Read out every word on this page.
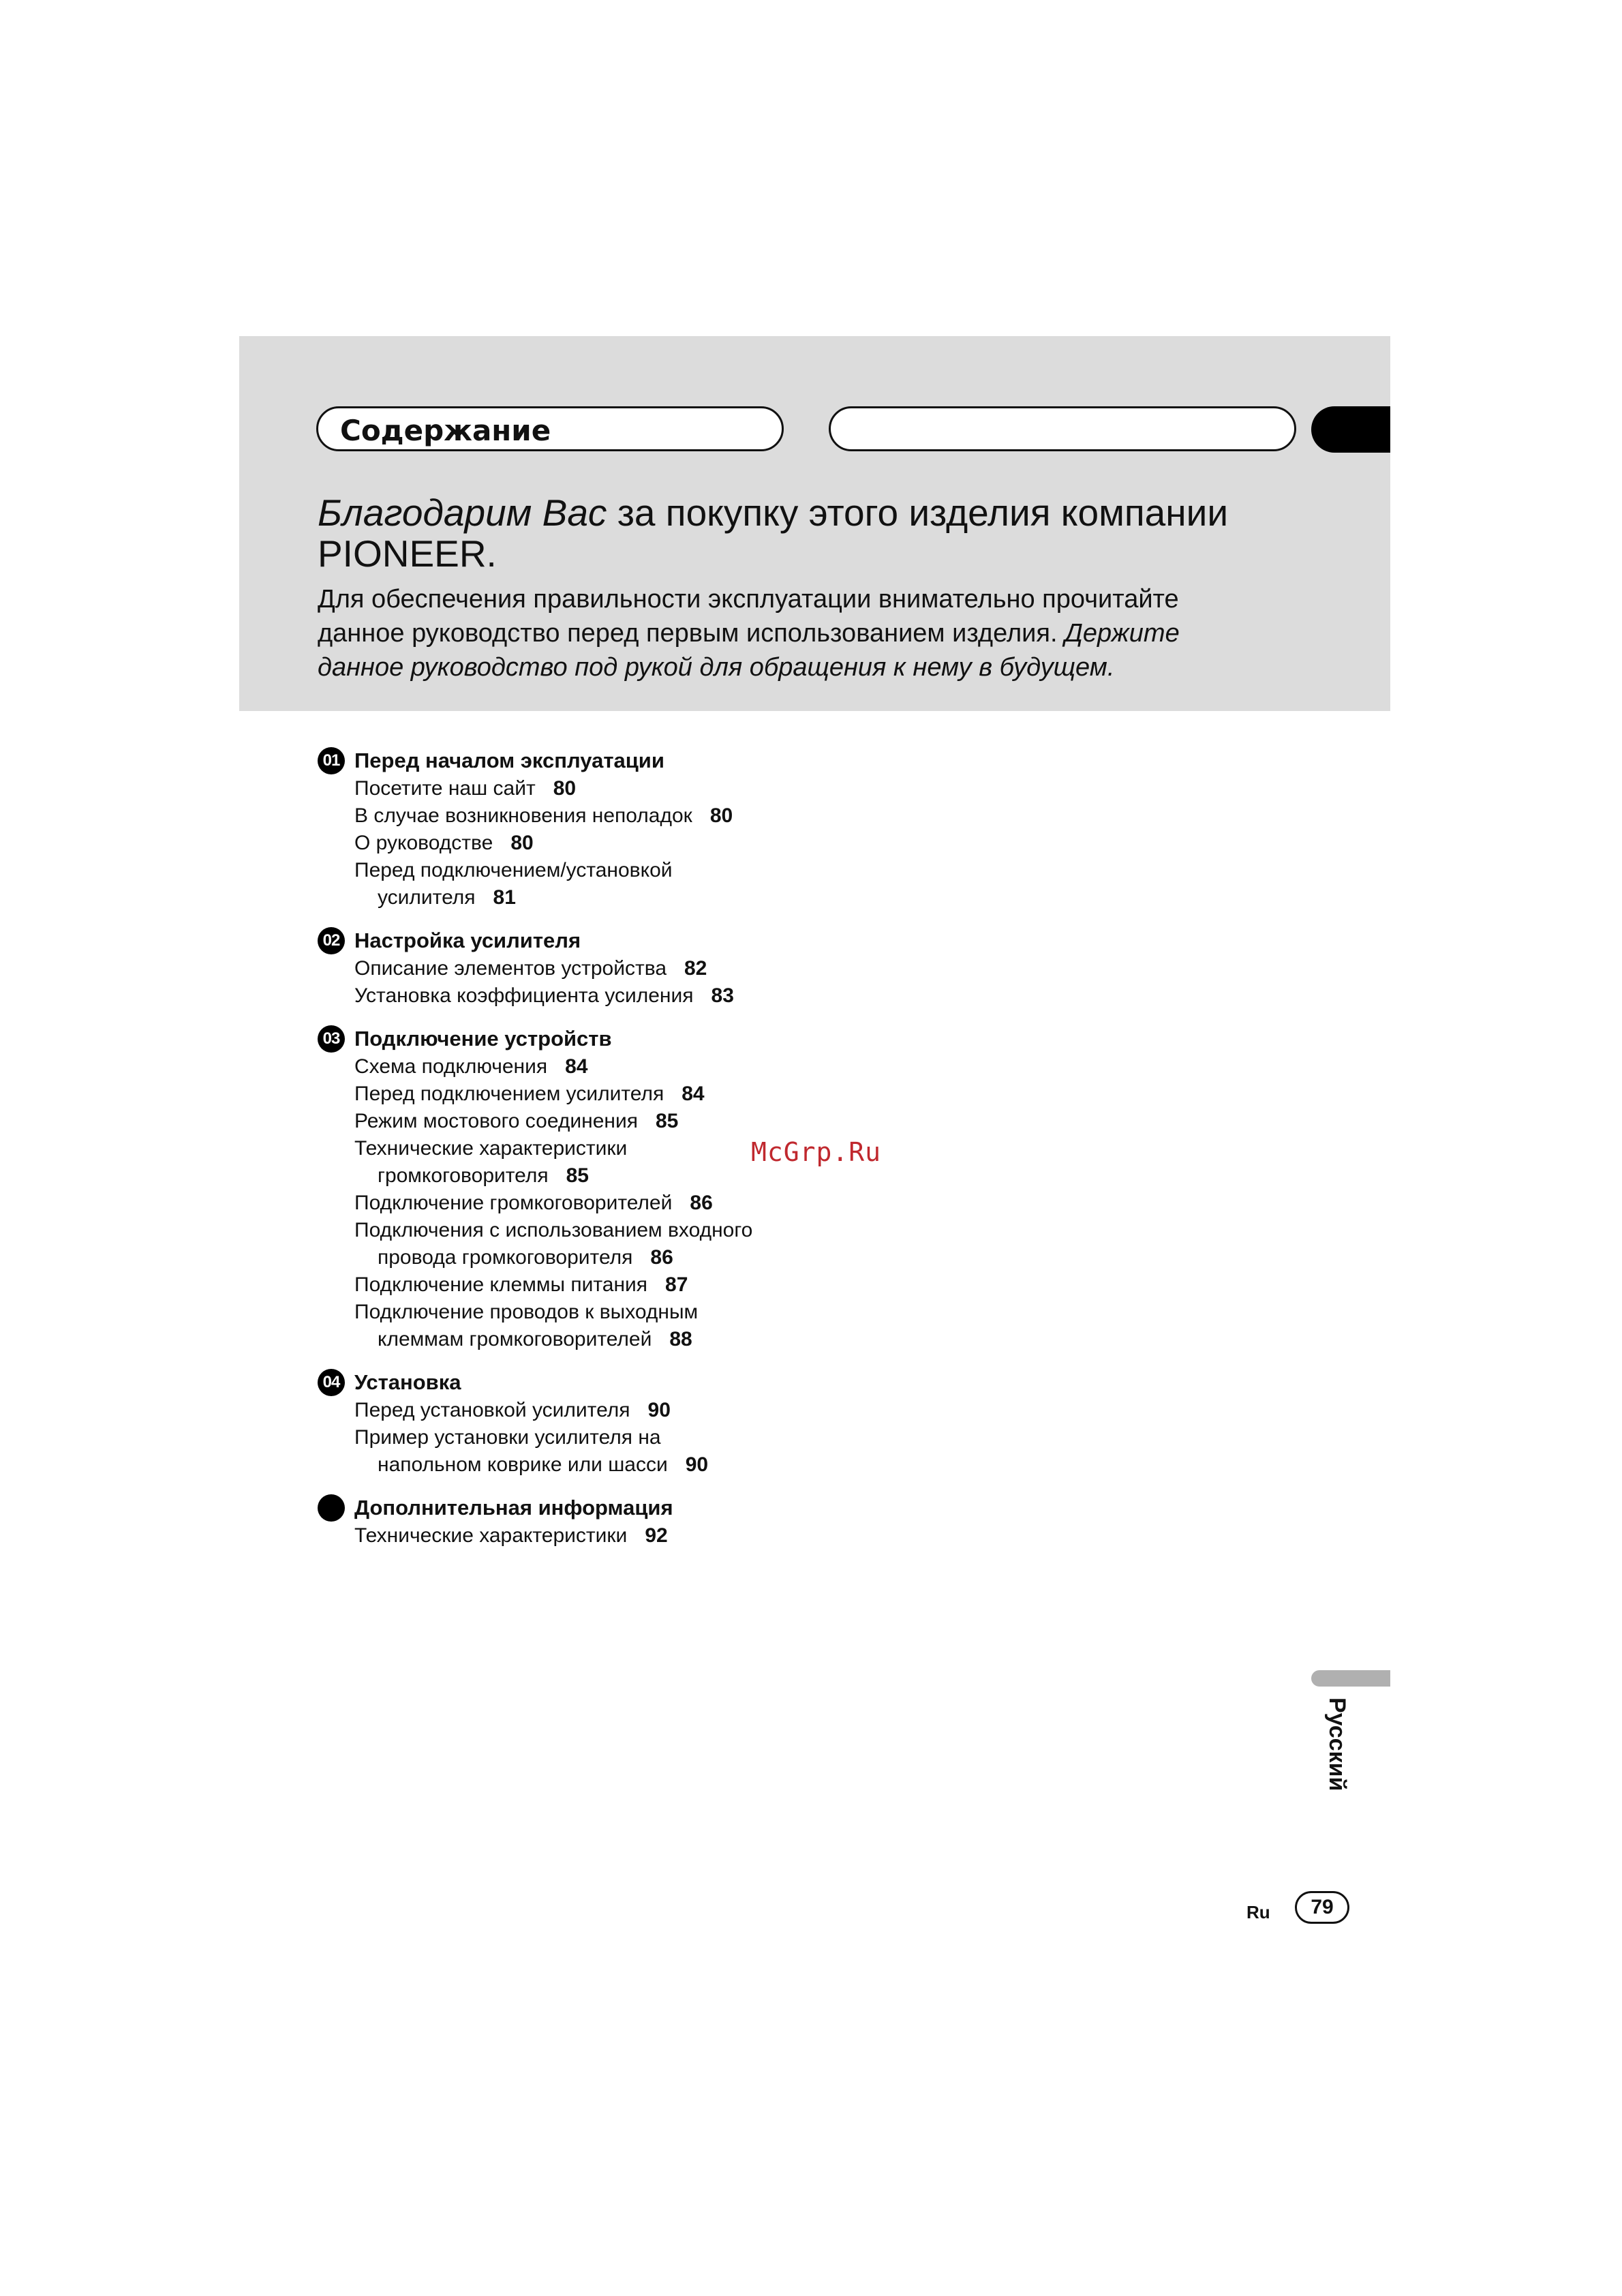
Содержание
Благодарим Вас за покупку этого изделия компании PIONEER.
Для обеспечения правильности эксплуатации внимательно прочитайте данное руководство перед первым использованием изделия. Держите данное руководство под рукой для обращения к нему в будущем.
01 Перед началом эксплуатации
Посетите наш сайт 80
В случае возникновения неполадок 80
О руководстве 80
Перед подключением/установкой
усилителя 81
02 Настройка усилителя
Описание элементов устройства 82
Установка коэффициента усиления 83
03 Подключение устройств
Схема подключения 84
Перед подключением усилителя 84
Режим мостового соединения 85
Технические характеристики
громкоговорителя 85
Подключение громкоговорителей 86
Подключения с использованием входного
провода громкоговорителя 86
Подключение клеммы питания 87
Подключение проводов к выходным
клеммам громкоговорителей 88
04 Установка
Перед установкой усилителя 90
Пример установки усилителя на
напольном коврике или шасси 90
Дополнительная информация
Технические характеристики 92
McGrp.Ru
Русский
Ru	79
